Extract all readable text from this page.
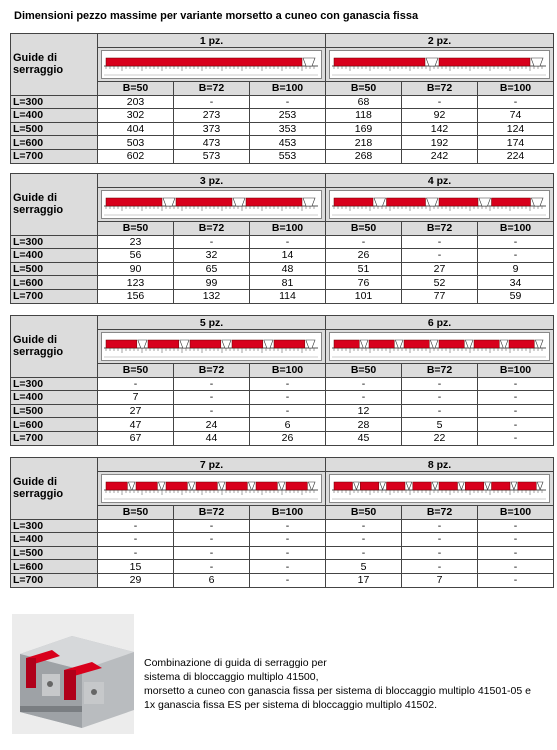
Dimensioni pezzo massime per variante morsetto a cuneo con ganascia fissa
Guide di serraggio	1 pz.			2 pz.		

	B=50	B=72	B=100	B=50	B=72	B=100
L=300	203	-	-	68	-	-
L=400	302	273	253	118	92	74
L=500	404	373	353	169	142	124
L=600	503	473	453	218	192	174
L=700	602	573	553	268	242	224
Guide di serraggio	3 pz.			4 pz.		

	B=50	B=72	B=100	B=50	B=72	B=100
L=300	23	-	-	-	-	-
L=400	56	32	14	26	-	-
L=500	90	65	48	51	27	9
L=600	123	99	81	76	52	34
L=700	156	132	114	101	77	59
Guide di serraggio	5 pz.			6 pz.		

	B=50	B=72	B=100	B=50	B=72	B=100
L=300	-	-	-	-	-	-
L=400	7	-	-	-	-	-
L=500	27	-	-	12	-	-
L=600	47	24	6	28	5	-
L=700	67	44	26	45	22	-
Guide di serraggio	7 pz.			8 pz.		

	B=50	B=72	B=100	B=50	B=72	B=100
L=300	-	-	-	-	-	-
L=400	-	-	-	-	-	-
L=500	-	-	-	-	-	-
L=600	15	-	-	5	-	-
L=700	29	6	-	17	7	-
Combinazione di guida di serraggio per
sistema di bloccaggio multiplo 41500,
morsetto a cuneo con ganascia fissa per sistema di bloccaggio multiplo 41501-05 e
1x ganascia fissa ES per sistema di bloccaggio multiplo 41502.
